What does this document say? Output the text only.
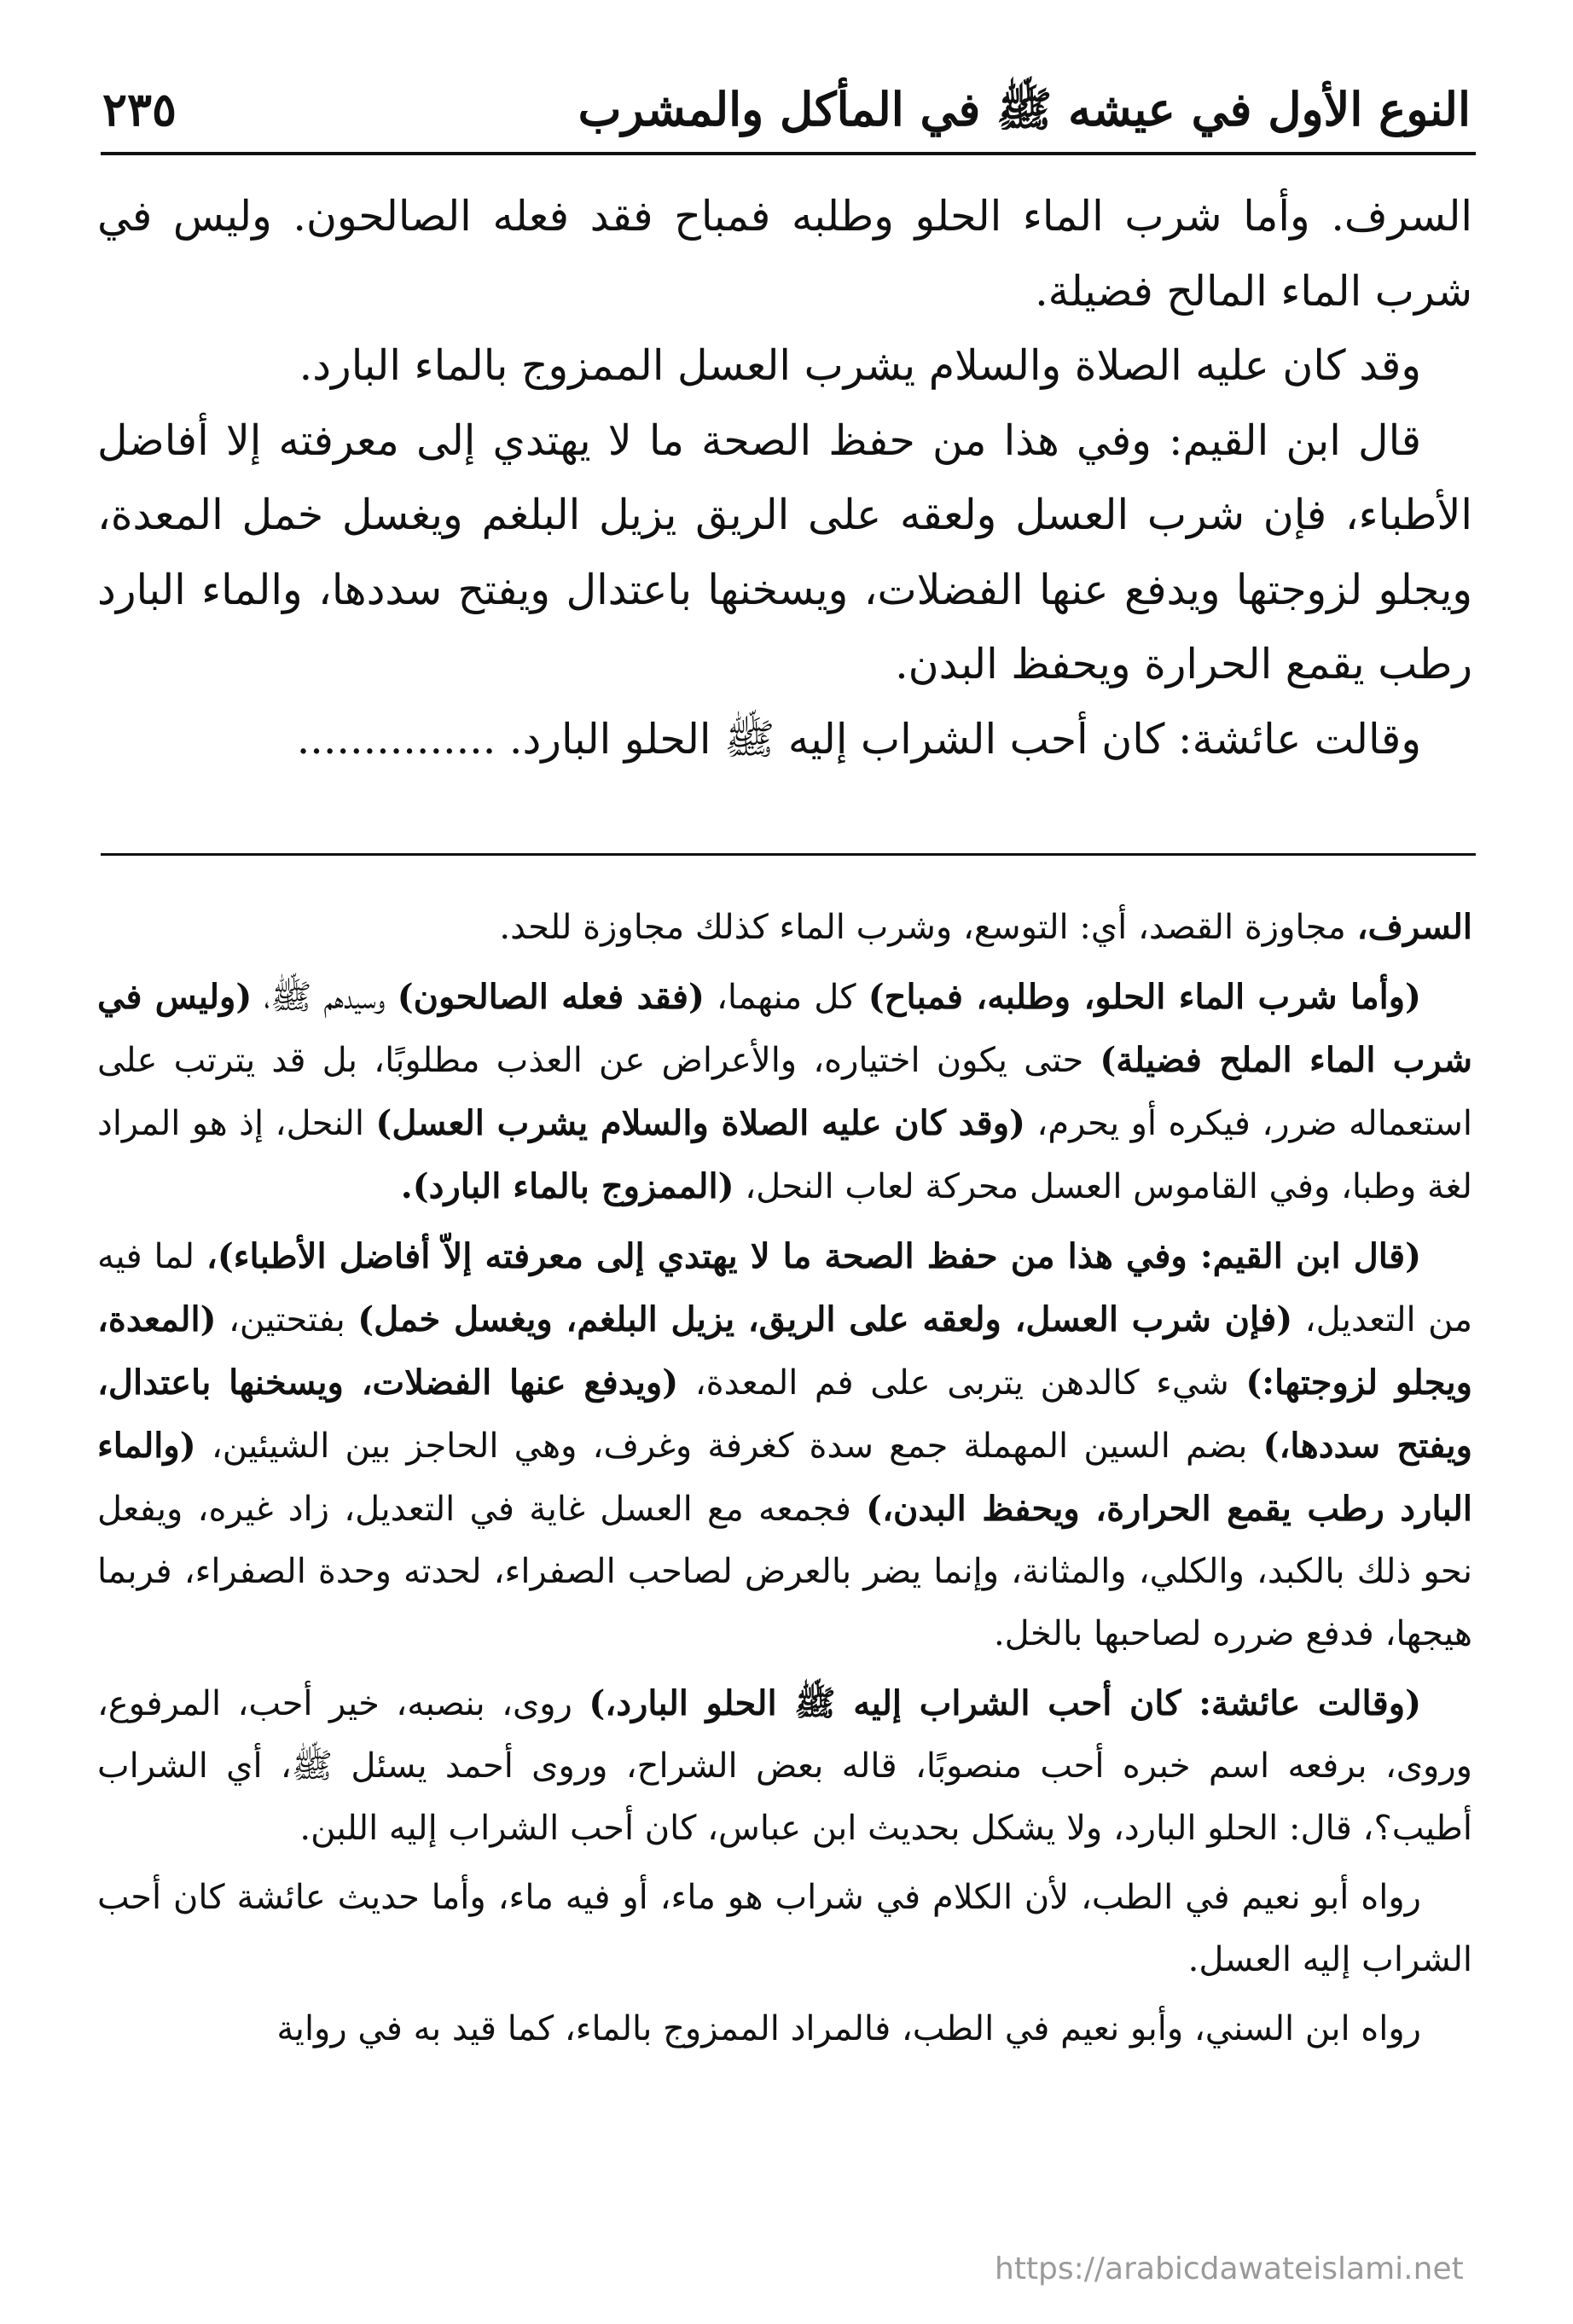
النوع الأول في عيشه ﷺ في المأكل والمشرب
٢٣٥

السرف. وأما شرب الماء الحلو وطلبه فمباح فقد فعله الصالحون. وليس في شرب الماء المالح فضيلة.

وقد كان عليه الصلاة والسلام يشرب العسل الممزوج بالماء البارد.

قال ابن القيم: وفي هذا من حفظ الصحة ما لا يهتدي إلى معرفته إلا أفاضل الأطباء، فإن شرب العسل ولعقه على الريق يزيل البلغم ويغسل خمل المعدة، ويجلو لزوجتها ويدفع عنها الفضلات، ويسخنها باعتدال ويفتح سددها، والماء البارد رطب يقمع الحرارة ويحفظ البدن.

وقالت عائشة: كان أحب الشراب إليه ﷺ الحلو البارد. ...............

السرف، مجاوزة القصد، أي: التوسع، وشرب الماء كذلك مجاوزة للحد.

(وأما شرب الماء الحلو، وطلبه، فمباح) كل منهما، (فقد فعله الصالحون) وسيدهم ﷺ، (وليس في شرب الماء الملح فضيلة) حتى يكون اختياره، والأعراض عن العذب مطلوبًا، بل قد يترتب على استعماله ضرر، فيكره أو يحرم، (وقد كان عليه الصلاة والسلام يشرب العسل) النحل، إذ هو المراد لغة وطبا، وفي القاموس العسل محركة لعاب النحل، (الممزوج بالماء البارد).

(قال ابن القيم: وفي هذا من حفظ الصحة ما لا يهتدي إلى معرفته إلاّ أفاضل الأطباء)، لما فيه من التعديل، (فإن شرب العسل، ولعقه على الريق، يزيل البلغم، ويغسل خمل) بفتحتين، (المعدة، ويجلو لزوجتها:) شيء كالدهن يتربى على فم المعدة، (ويدفع عنها الفضلات، ويسخنها باعتدال، ويفتح سددها،) بضم السين المهملة جمع سدة كغرفة وغرف، وهي الحاجز بين الشيئين، (والماء البارد رطب يقمع الحرارة، ويحفظ البدن،) فجمعه مع العسل غاية في التعديل، زاد غيره، ويفعل نحو ذلك بالكبد، والكلي، والمثانة، وإنما يضر بالعرض لصاحب الصفراء، لحدته وحدة الصفراء، فربما هيجها، فدفع ضرره لصاحبها بالخل.

(وقالت عائشة: كان أحب الشراب إليه ﷺ الحلو البارد،) روى، بنصبه، خير أحب، المرفوع، وروى، برفعه اسم خبره أحب منصوبًا، قاله بعض الشراح، وروى أحمد يسئل ﷺ، أي الشراب أطيب؟، قال: الحلو البارد، ولا يشكل بحديث ابن عباس، كان أحب الشراب إليه اللبن.

رواه أبو نعيم في الطب، لأن الكلام في شراب هو ماء، أو فيه ماء، وأما حديث عائشة كان أحب الشراب إليه العسل.

رواه ابن السني، وأبو نعيم في الطب، فالمراد الممزوج بالماء، كما قيد به في رواية

https://arabicdawateislami.net
